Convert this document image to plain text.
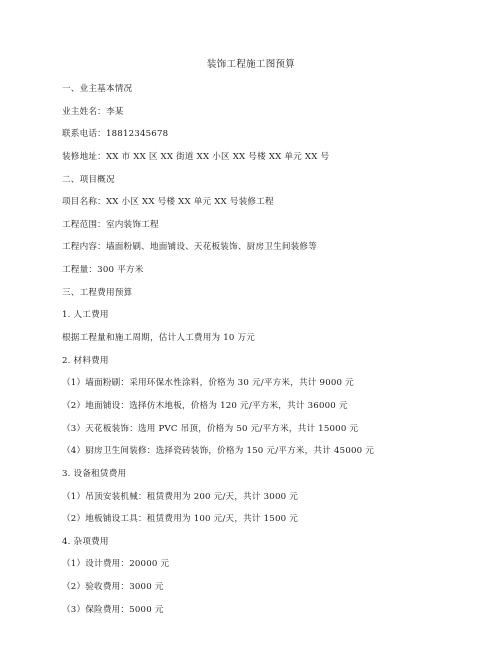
装饰工程施工图预算
一、业主基本情况
业主姓名：李某
联系电话：18812345678
装修地址：XX 市 XX 区 XX 街道 XX 小区 XX 号楼 XX 单元 XX 号
二、项目概况
项目名称：XX 小区 XX 号楼 XX 单元 XX 号装修工程
工程范围：室内装饰工程
工程内容：墙面粉刷、地面铺设、天花板装饰、厨房卫生间装修等
工程量：300 平方米
三、工程费用预算
1. 人工费用
根据工程量和施工周期，估计人工费用为 10 万元
2. 材料费用
（1）墙面粉刷：采用环保水性涂料，价格为 30 元/平方米，共计 9000 元
（2）地面铺设：选择仿木地板，价格为 120 元/平方米，共计 36000 元
（3）天花板装饰：选用 PVC 吊顶，价格为 50 元/平方米，共计 15000 元
（4）厨房卫生间装修：选择瓷砖装饰，价格为 150 元/平方米，共计 45000 元
3. 设备租赁费用
（1）吊顶安装机械：租赁费用为 200 元/天，共计 3000 元
（2）地板铺设工具：租赁费用为 100 元/天，共计 1500 元
4. 杂项费用
（1）设计费用：20000 元
（2）验收费用：3000 元
（3）保险费用：5000 元
